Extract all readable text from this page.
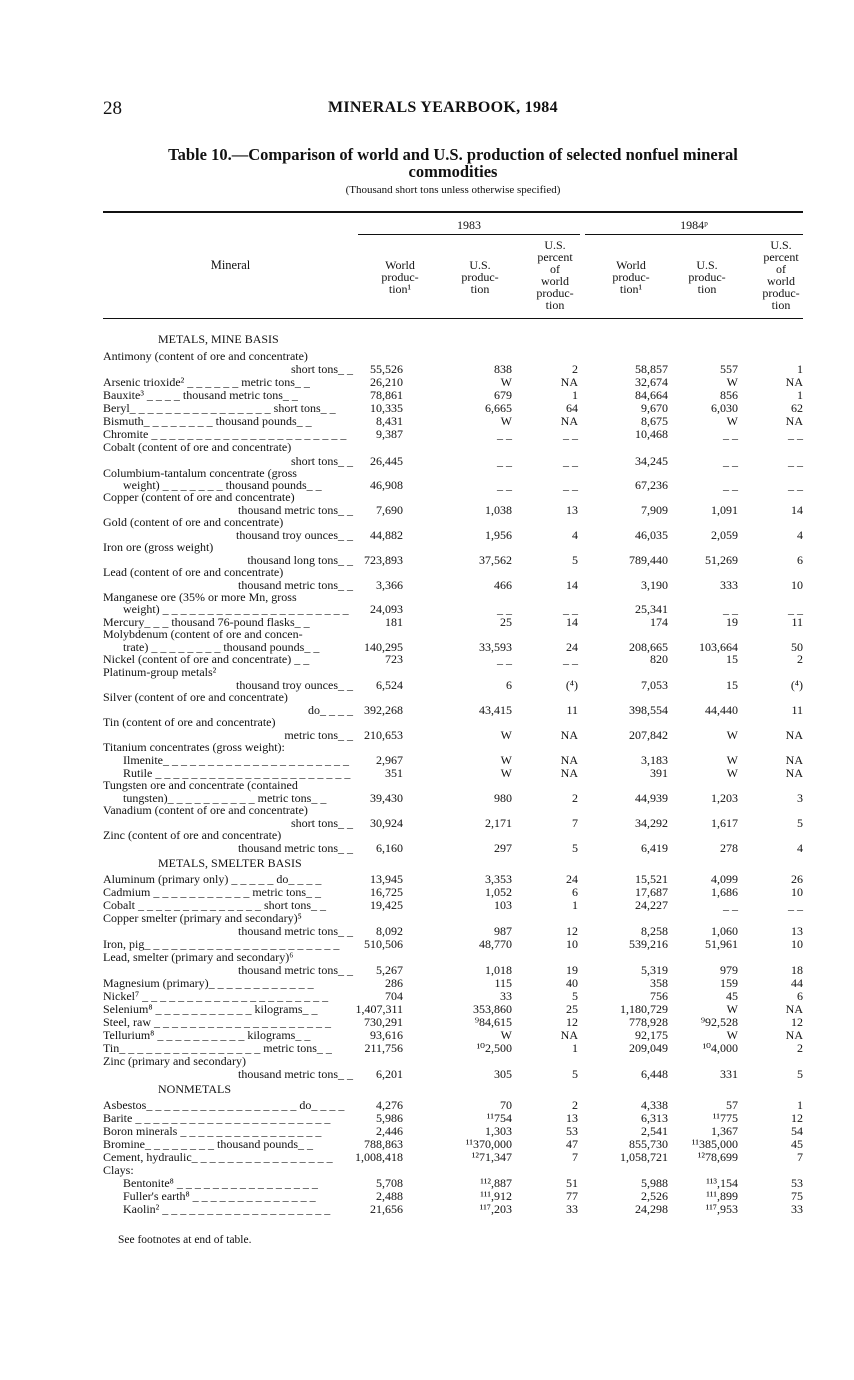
28	MINERALS YEARBOOK, 1984
Table 10.—Comparison of world and U.S. production of selected nonfuel mineral
commodities
(Thousand short tons unless otherwise specified)
1983	1984ᵖ
Mineral	World
produc-
tion¹
U.S.
produc-
tion
U.S.
percent
of
world
produc-
tion
World
produc-
tion¹
U.S.
produc-
tion
U.S.
percent
of
world
produc-
tion
METALS, MINE BASIS
Antimony (content of ore and concentrate)
short tons_ _	55,526	838	2	58,857	557	1
Arsenic trioxide² _ _ _ _ _ _ metric tons_ _	26,210	W	NA	32,674	W	NA
Bauxite³ _ _ _ _ thousand metric tons_ _	78,861	679	1	84,664	856	1
Beryl_ _ _ _ _ _ _ _ _ _ _ _ _ _ _ _ short tons_ _	10,335	6,665	64	9,670	6,030	62
Bismuth_ _ _ _ _ _ _ _ thousand pounds_ _	8,431	W	NA	8,675	W	NA
Chromite _ _ _ _ _ _ _ _ _ _ _ _ _ _ _ _ _ _ _ _ _ _	9,387	_ _	_ _	10,468	_ _	_ _
Cobalt (content of ore and concentrate)
short tons_ _	26,445	_ _	_ _	34,245	_ _	_ _
Columbium-tantalum concentrate (gross
weight) _ _ _ _ _ _ _ thousand pounds_ _	46,908	_ _	_ _	67,236	_ _	_ _
Copper (content of ore and concentrate)
thousand metric tons_ _	7,690	1,038	13	7,909	1,091	14
Gold (content of ore and concentrate)
thousand troy ounces_ _	44,882	1,956	4	46,035	2,059	4
Iron ore (gross weight)
thousand long tons_ _ 723,893	37,562	5	789,440	51,269	6
Lead (content of ore and concentrate)
thousand metric tons_ _	3,366	466	14	3,190	333	10
Manganese ore (35% or more Mn, gross
weight) _ _ _ _ _ _ _ _ _ _ _ _ _ _ _ _ _ _ _ _ _	24,093	_ _	_ _	25,341	_ _	_ _
Mercury_ _ _ thousand 76-pound flasks_ _	181	25	14	174	19	11
Molybdenum (content of ore and concen-
trate) _ _ _ _ _ _ _ _ thousand pounds_ _	140,295	33,593	24	208,665	103,664	50
Nickel (content of ore and concentrate) _ _	723	_ _	_ _	820	15	2
Platinum-group metals²
thousand troy ounces_ _	6,524	6	(⁴)	7,053	15	(⁴)
Silver (content of ore and concentrate)
do_ _ _ _ 392,268	43,415	11	398,554	44,440	11
Tin (content of ore and concentrate)
metric tons_ _ 210,653	W	NA	207,842	W	NA
Titanium concentrates (gross weight):
Ilmenite_ _ _ _ _ _ _ _ _ _ _ _ _ _ _ _ _ _ _ _ _	2,967	W	NA	3,183	W	NA
Rutile _ _ _ _ _ _ _ _ _ _ _ _ _ _ _ _ _ _ _ _ _ _	351	W	NA	391	W	NA
Tungsten ore and concentrate (contained
tungsten)_ _ _ _ _ _ _ _ _ _ metric tons_ _	39,430	980	2	44,939	1,203	3
Vanadium (content of ore and concentrate)
short tons_ _	30,924	2,171	7	34,292	1,617	5
Zinc (content of ore and concentrate)
thousand metric tons_ _	6,160	297	5	6,419	278	4
METALS, SMELTER BASIS
Aluminum (primary only) _ _ _ _ _ do_ _ _ _	13,945	3,353	24	15,521	4,099	26
Cadmium _ _ _ _ _ _ _ _ _ _ _ metric tons_ _	16,725	1,052	6	17,687	1,686	10
Cobalt _ _ _ _ _ _ _ _ _ _ _ _ _ _ short tons_ _	19,425	103	1	24,227	_ _	_ _
Copper smelter (primary and secondary)⁵
thousand metric tons_ _	8,092	987	12	8,258	1,060	13
Iron, pig_ _ _ _ _ _ _ _ _ _ _ _ _ _ _ _ _ _ _ _ _ _	510,506	48,770	10	539,216	51,961	10
Lead, smelter (primary and secondary)⁶
thousand metric tons_ _	5,267	1,018	19	5,319	979	18
Magnesium (primary)_ _ _ _ _ _ _ _ _ _ _ _	286	115	40	358	159	44
Nickel⁷ _ _ _ _ _ _ _ _ _ _ _ _ _ _ _ _ _ _ _ _ _	704	33	5	756	45	6
Selenium⁸ _ _ _ _ _ _ _ _ _ _ _ kilograms_ _	1,407,311	353,860	25	1,180,729	W	NA
Steel, raw _ _ _ _ _ _ _ _ _ _ _ _ _ _ _ _ _ _ _ _	730,291	⁹84,615	12	778,928	⁹92,528	12
Tellurium⁸ _ _ _ _ _ _ _ _ _ _ kilograms_ _	93,616	W	NA	92,175	W	NA
Tin_ _ _ _ _ _ _ _ _ _ _ _ _ _ _ _ metric tons_ _	211,756	¹⁰2,500	1	209,049	¹⁰4,000	2
Zinc (primary and secondary)
thousand metric tons_ _	6,201	305	5	6,448	331	5
NONMETALS
Asbestos_ _ _ _ _ _ _ _ _ _ _ _ _ _ _ _ _ do_ _ _ _	4,276	70	2	4,338	57	1
Barite _ _ _ _ _ _ _ _ _ _ _ _ _ _ _ _ _ _ _ _ _ _	5,986	¹¹754	13	6,313	¹¹775	12
Boron minerals _ _ _ _ _ _ _ _ _ _ _ _ _ _ _ _	2,446	1,303	53	2,541	1,367	54
Bromine_ _ _ _ _ _ _ _ thousand pounds_ _	788,863	¹¹370,000	47	855,730	¹¹385,000	45
Cement, hydraulic_ _ _ _ _ _ _ _ _ _ _ _ _ _ _ _	1,008,418	¹²71,347	7	1,058,721	¹²78,699	7
Clays:
Bentonite⁸ _ _ _ _ _ _ _ _ _ _ _ _ _ _ _ _	5,708	¹¹²,887	51	5,988	¹¹³,154	53
Fuller's earth⁸ _ _ _ _ _ _ _ _ _ _ _ _ _ _	2,488	¹¹¹,912	77	2,526	¹¹¹,899	75
Kaolin² _ _ _ _ _ _ _ _ _ _ _ _ _ _ _ _ _ _ _	21,656	¹¹⁷,203	33	24,298	¹¹⁷,953	33
See footnotes at end of table.
